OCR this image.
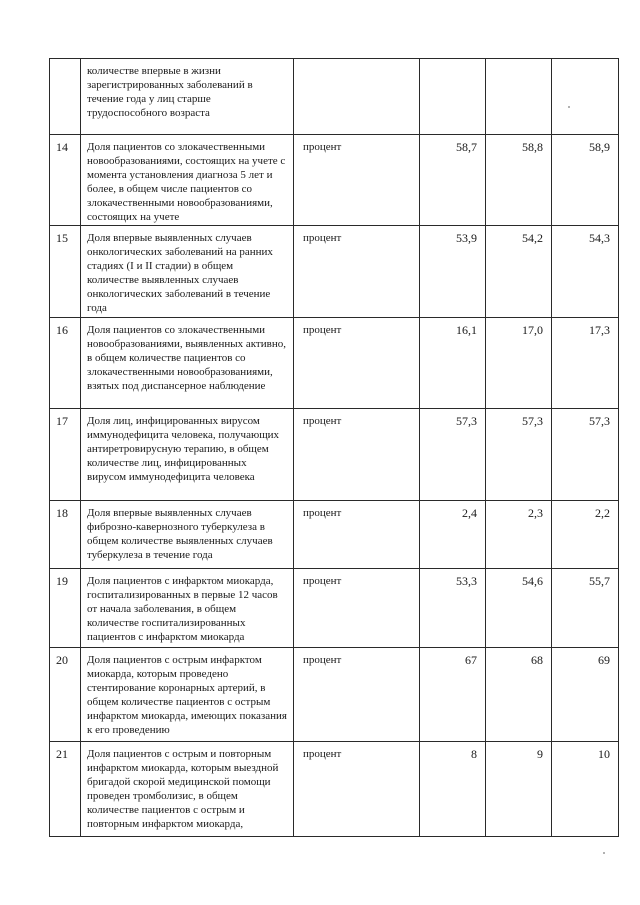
	количестве впервые в жизни зарегистрированных заболеваний в течение года у лиц старше трудоспособного возраста				
14	Доля пациентов со злокачественными новообразованиями, состоящих на учете с момента установления диагноза 5 лет и более, в общем числе пациентов со злокачественными новообразованиями, состоящих на учете	процент	58,7	58,8	58,9
15	Доля впервые выявленных случаев онкологических заболеваний на ранних стадиях (I и II стадии) в общем количестве выявленных случаев онкологических заболеваний в течение года	процент	53,9	54,2	54,3
16	Доля пациентов со злокачественными новообразованиями, выявленных активно, в общем количестве пациентов со злокачественными новообразованиями, взятых под диспансерное наблюдение	процент	16,1	17,0	17,3
17	Доля лиц, инфицированных вирусом иммунодефицита человека, получающих антиретровирусную терапию, в общем количестве лиц, инфицированных вирусом иммунодефицита человека	процент	57,3	57,3	57,3
18	Доля впервые выявленных случаев фиброзно-кавернозного туберкулеза в общем количестве выявленных случаев туберкулеза в течение года	процент	2,4	2,3	2,2
19	Доля пациентов с инфарктом миокарда, госпитализированных в первые 12 часов от начала заболевания, в общем количестве госпитализированных пациентов с инфарктом миокарда	процент	53,3	54,6	55,7
20	Доля пациентов с острым инфарктом миокарда, которым проведено стентирование коронарных артерий, в общем количестве пациентов с острым инфарктом миокарда, имеющих показания к его проведению	процент	67	68	69
21	Доля пациентов с острым и повторным инфарктом миокарда, которым выездной бригадой скорой медицинской помощи проведен тромболизис, в общем количестве пациентов с острым и повторным инфарктом миокарда,	процент	8	9	10
